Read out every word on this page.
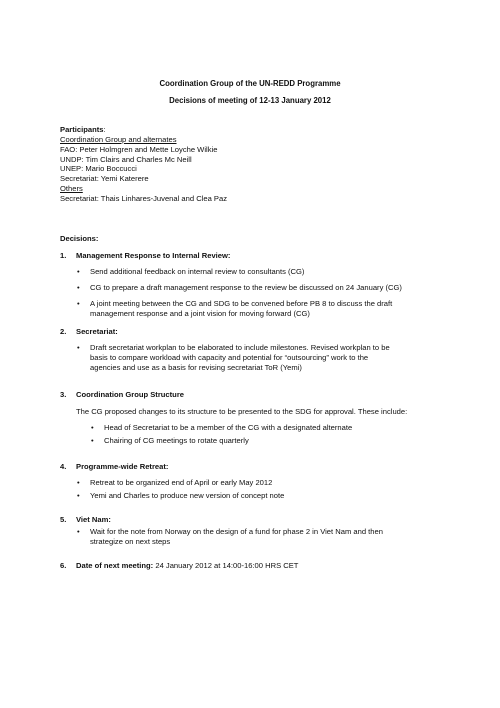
Coordination Group of the UN-REDD Programme
Decisions of meeting of 12-13 January 2012
Participants:
Coordination Group and alternates
FAO: Peter Holmgren and Mette Loyche Wilkie
UNDP: Tim Clairs and Charles Mc Neill
UNEP: Mario Boccucci
Secretariat: Yemi Katerere
Others
Secretariat: Thais Linhares-Juvenal and Clea Paz
Decisions:
1. Management Response to Internal Review:
• Send additional feedback on internal review to consultants (CG)
• CG to prepare a draft management response to the review be discussed on 24 January (CG)
• A joint meeting between the CG and SDG to be convened before PB 8 to discuss the draft
management response and a joint vision for moving forward (CG)
2. Secretariat:
• Draft secretariat workplan to be elaborated to include milestones. Revised workplan to be
basis to compare workload with capacity and potential for “outsourcing” work to the
agencies and use as a basis for revising secretariat ToR (Yemi)
3. Coordination Group Structure
The CG proposed changes to its structure to be presented to the SDG for approval. These include:
• Head of Secretariat to be a member of the CG with a designated alternate
• Chairing of CG meetings to rotate quarterly
4. Programme-wide Retreat:
• Retreat to be organized end of April or early May 2012
• Yemi and Charles to produce new version of concept note
5. Viet Nam:
• Wait for the note from Norway on the design of a fund for phase 2 in Viet Nam and then
strategize on next steps
6. Date of next meeting: 24 January 2012 at 14:00-16:00 HRS CET
